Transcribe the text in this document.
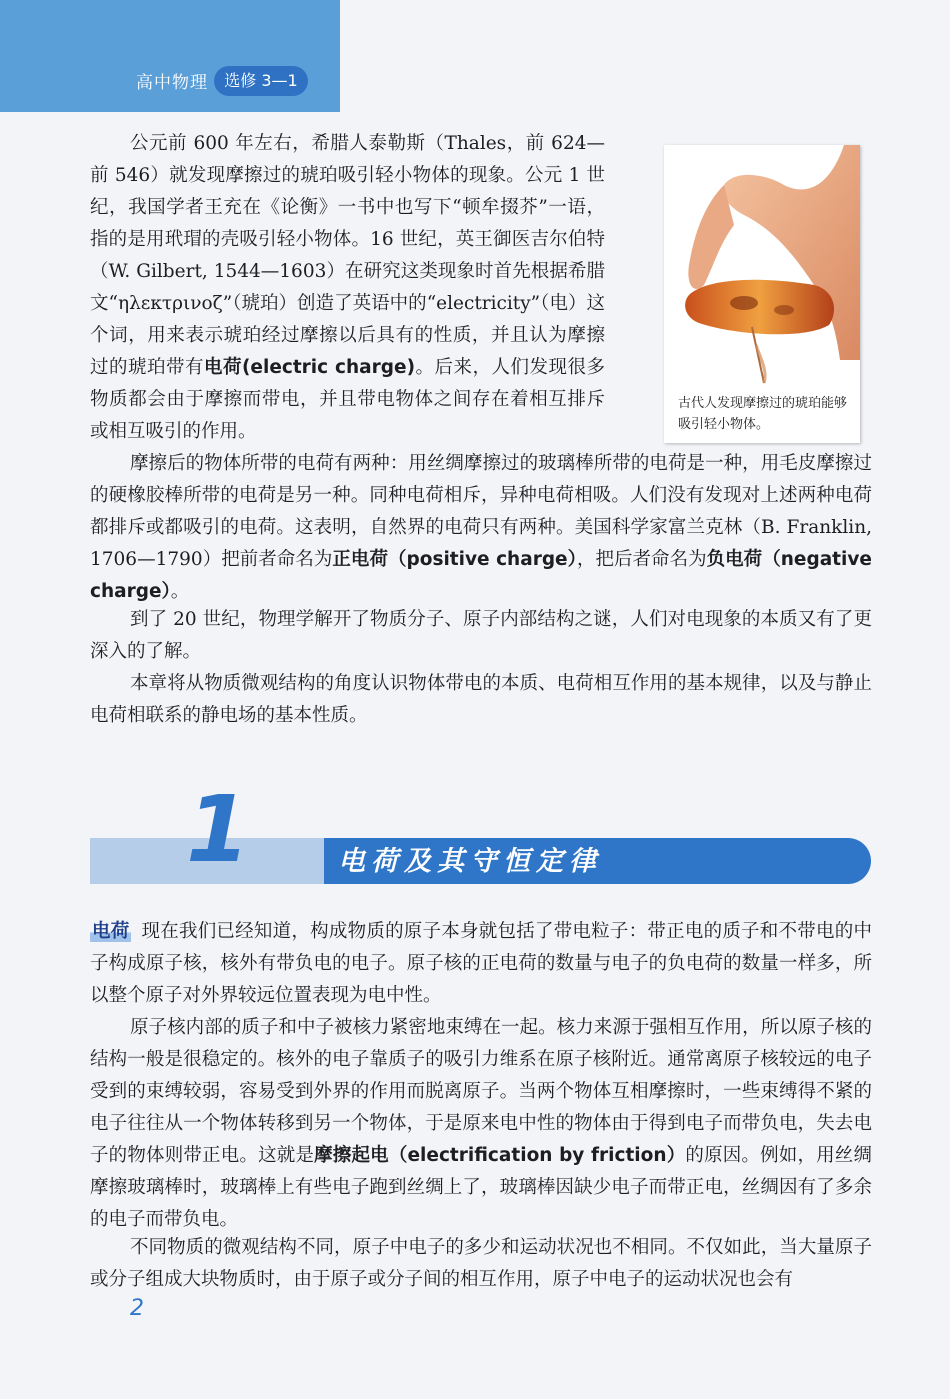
高中物理	选修 3—1

公元前 600 年左右，希腊人泰勒斯（Thales，前 624—前 546）就发现摩擦过的琥珀吸引轻小物体的现象。公元 1 世纪，我国学者王充在《论衡》一书中也写下“顿牟掇芥”一语，指的是用玳瑁的壳吸引轻小物体。16 世纪，英王御医吉尔伯特（W. Gilbert, 1544—1603）在研究这类现象时首先根据希腊文“ηλεκτρινοζ”（琥珀）创造了英语中的“electricity”（电）这个词，用来表示琥珀经过摩擦以后具有的性质，并且认为摩擦过的琥珀带有电荷(electric charge)。后来，人们发现很多物质都会由于摩擦而带电，并且带电物体之间存在着相互排斥或相互吸引的作用。

古代人发现摩擦过的琥珀能够吸引轻小物体。

摩擦后的物体所带的电荷有两种：用丝绸摩擦过的玻璃棒所带的电荷是一种，用毛皮摩擦过的硬橡胶棒所带的电荷是另一种。同种电荷相斥，异种电荷相吸。人们没有发现对上述两种电荷都排斥或都吸引的电荷。这表明，自然界的电荷只有两种。美国科学家富兰克林（B. Franklin, 1706—1790）把前者命名为正电荷（positive charge），把后者命名为负电荷（negative charge）。

到了 20 世纪，物理学解开了物质分子、原子内部结构之谜，人们对电现象的本质又有了更深入的了解。

本章将从物质微观结构的角度认识物体带电的本质、电荷相互作用的基本规律，以及与静止电荷相联系的静电场的基本性质。

1	电荷及其守恒定律

电荷 现在我们已经知道，构成物质的原子本身就包括了带电粒子：带正电的质子和不带电的中子构成原子核，核外有带负电的电子。原子核的正电荷的数量与电子的负电荷的数量一样多，所以整个原子对外界较远位置表现为电中性。

原子核内部的质子和中子被核力紧密地束缚在一起。核力来源于强相互作用，所以原子核的结构一般是很稳定的。核外的电子靠质子的吸引力维系在原子核附近。通常离原子核较远的电子受到的束缚较弱，容易受到外界的作用而脱离原子。当两个物体互相摩擦时，一些束缚得不紧的电子往往从一个物体转移到另一个物体，于是原来电中性的物体由于得到电子而带负电，失去电子的物体则带正电。这就是摩擦起电（electrification by friction）的原因。例如，用丝绸摩擦玻璃棒时，玻璃棒上有些电子跑到丝绸上了，玻璃棒因缺少电子而带正电，丝绸因有了多余的电子而带负电。

不同物质的微观结构不同，原子中电子的多少和运动状况也不相同。不仅如此，当大量原子或分子组成大块物质时，由于原子或分子间的相互作用，原子中电子的运动状况也会有

2
